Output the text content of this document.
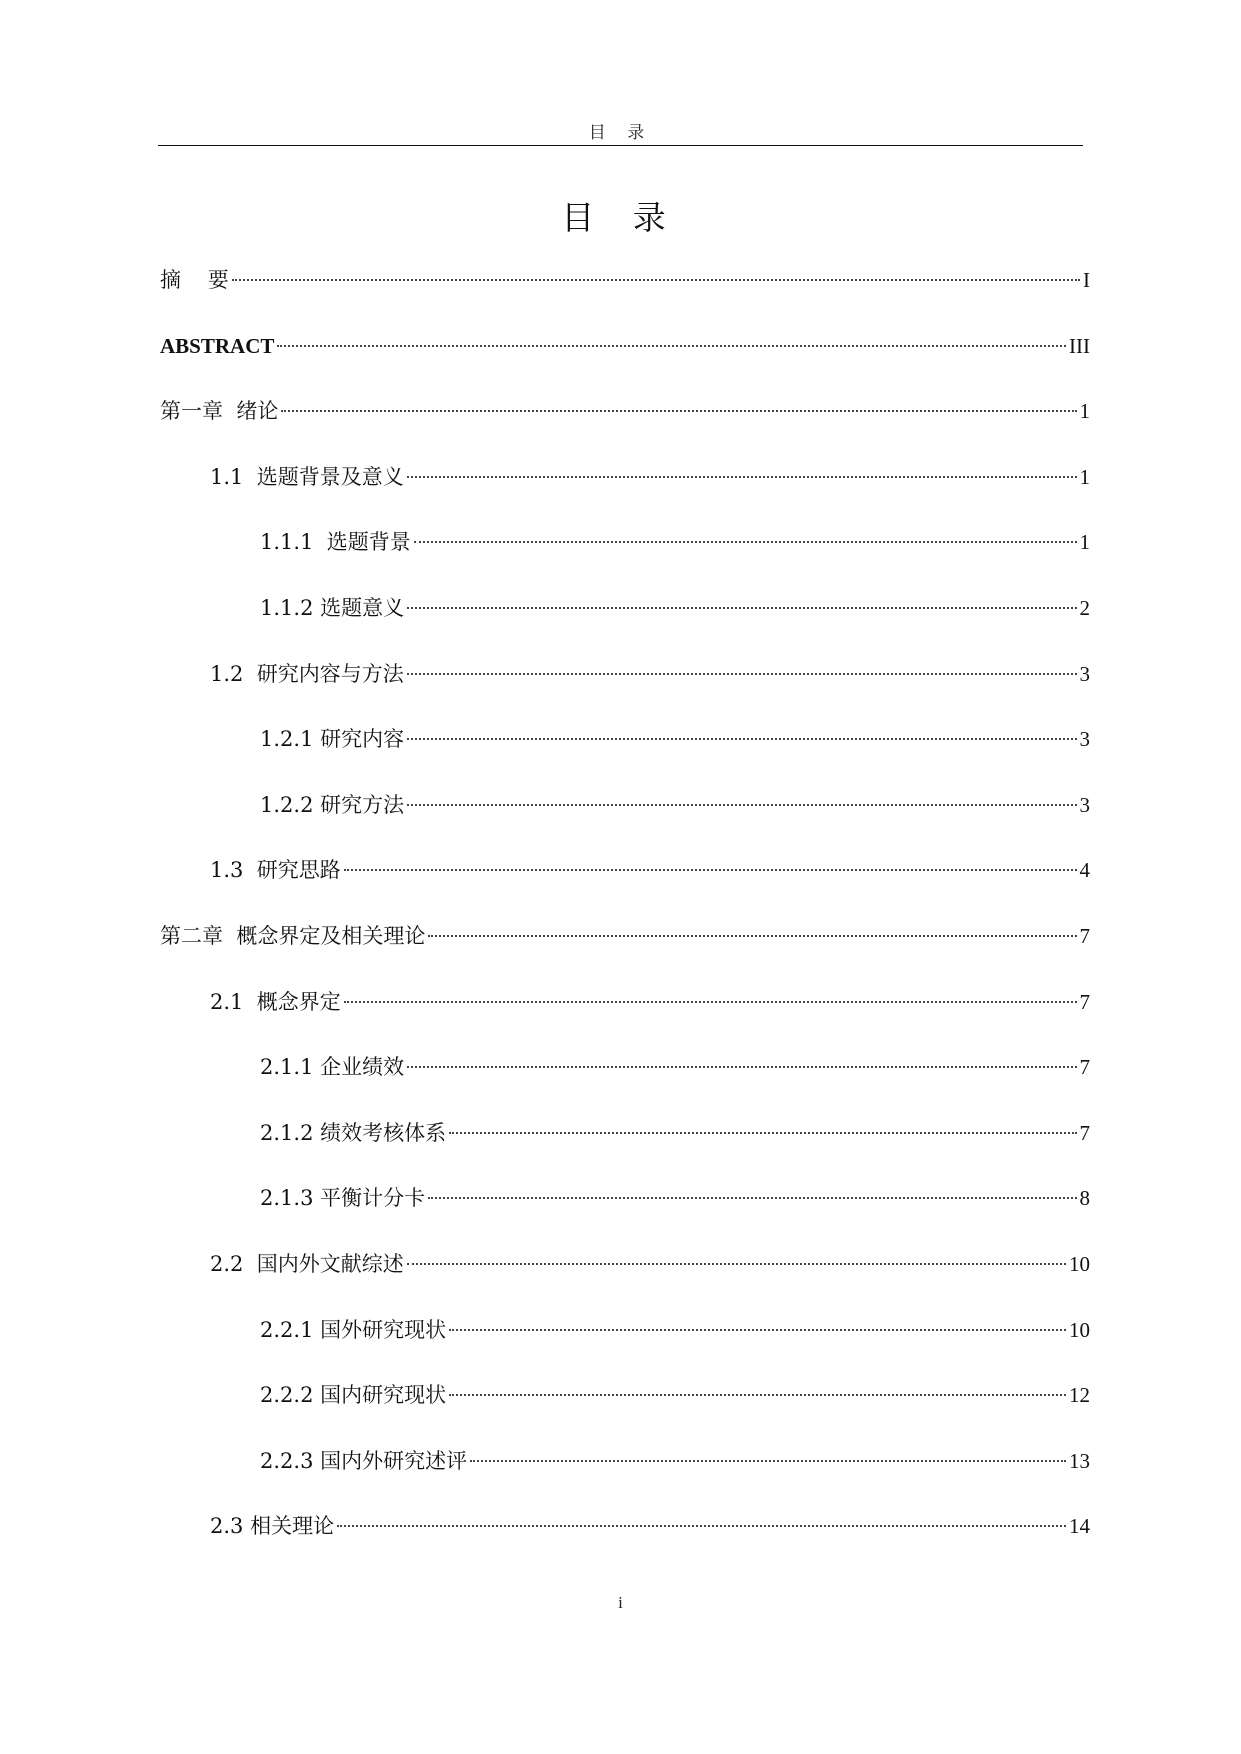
目 录
目 录
摘    要	I
ABSTRACT	III
第一章  绪论	1
1.1  选题背景及意义	1
1.1.1  选题背景	1
1.1.2 选题意义	2
1.2  研究内容与方法	3
1.2.1 研究内容	3
1.2.2 研究方法	3
1.3  研究思路	4
第二章  概念界定及相关理论	7
2.1  概念界定	7
2.1.1 企业绩效	7
2.1.2 绩效考核体系	7
2.1.3 平衡计分卡	8
2.2  国内外文献综述	10
2.2.1 国外研究现状	10
2.2.2 国内研究现状	12
2.2.3 国内外研究述评	13
2.3 相关理论	14
i
